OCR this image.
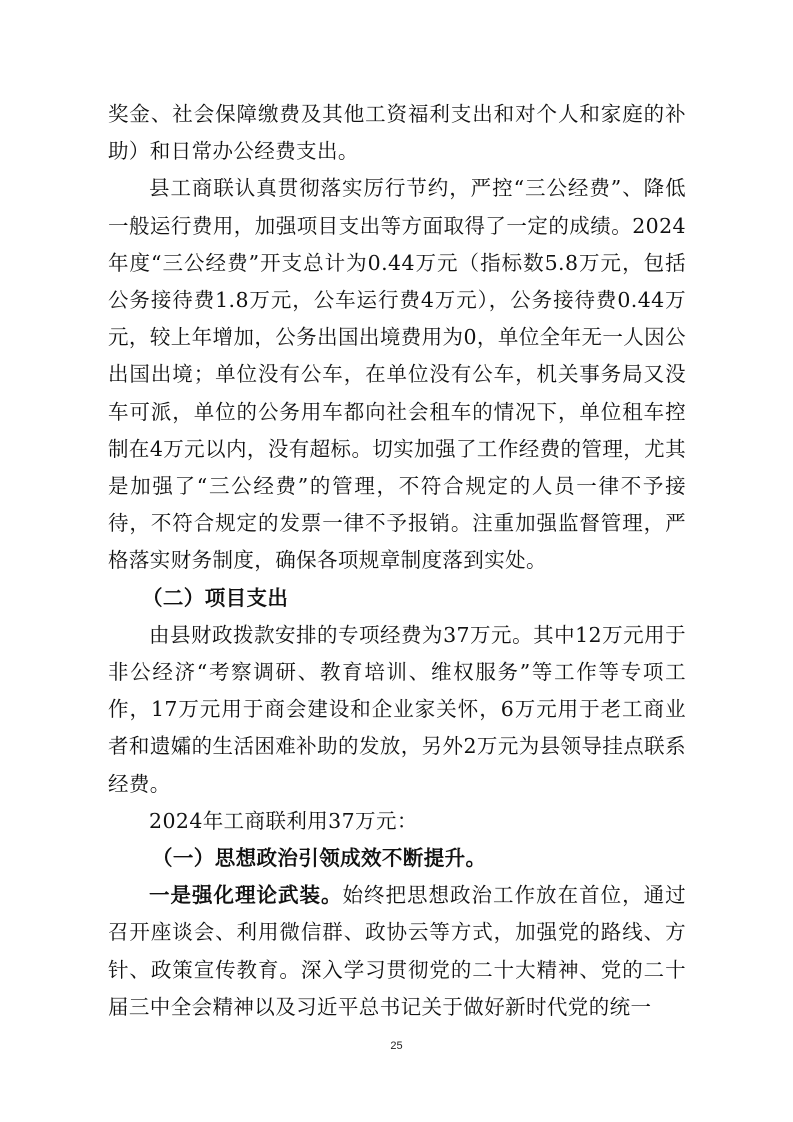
奖金、社会保障缴费及其他工资福利支出和对个人和家庭的补助）和日常办公经费支出。

县工商联认真贯彻落实厉行节约，严控“三公经费”、降低一般运行费用，加强项目支出等方面取得了一定的成绩。2024年度“三公经费”开支总计为0.44万元（指标数5.8万元，包括公务接待费1.8万元，公车运行费4万元），公务接待费0.44万元，较上年增加，公务出国出境费用为0，单位全年无一人因公出国出境；单位没有公车，在单位没有公车，机关事务局又没车可派，单位的公务用车都向社会租车的情况下，单位租车控制在4万元以内，没有超标。切实加强了工作经费的管理，尤其是加强了“三公经费”的管理，不符合规定的人员一律不予接待，不符合规定的发票一律不予报销。注重加强监督管理，严格落实财务制度，确保各项规章制度落到实处。

（二）项目支出

由县财政拨款安排的专项经费为37万元。其中12万元用于非公经济“考察调研、教育培训、维权服务”等工作等专项工作，17万元用于商会建设和企业家关怀，6万元用于老工商业者和遗孀的生活困难补助的发放，另外2万元为县领导挂点联系经费。

2024年工商联利用37万元：

（一）思想政治引领成效不断提升。

一是强化理论武装。始终把思想政治工作放在首位，通过召开座谈会、利用微信群、政协云等方式，加强党的路线、方针、政策宣传教育。深入学习贯彻党的二十大精神、党的二十届三中全会精神以及习近平总书记关于做好新时代党的统一

25
